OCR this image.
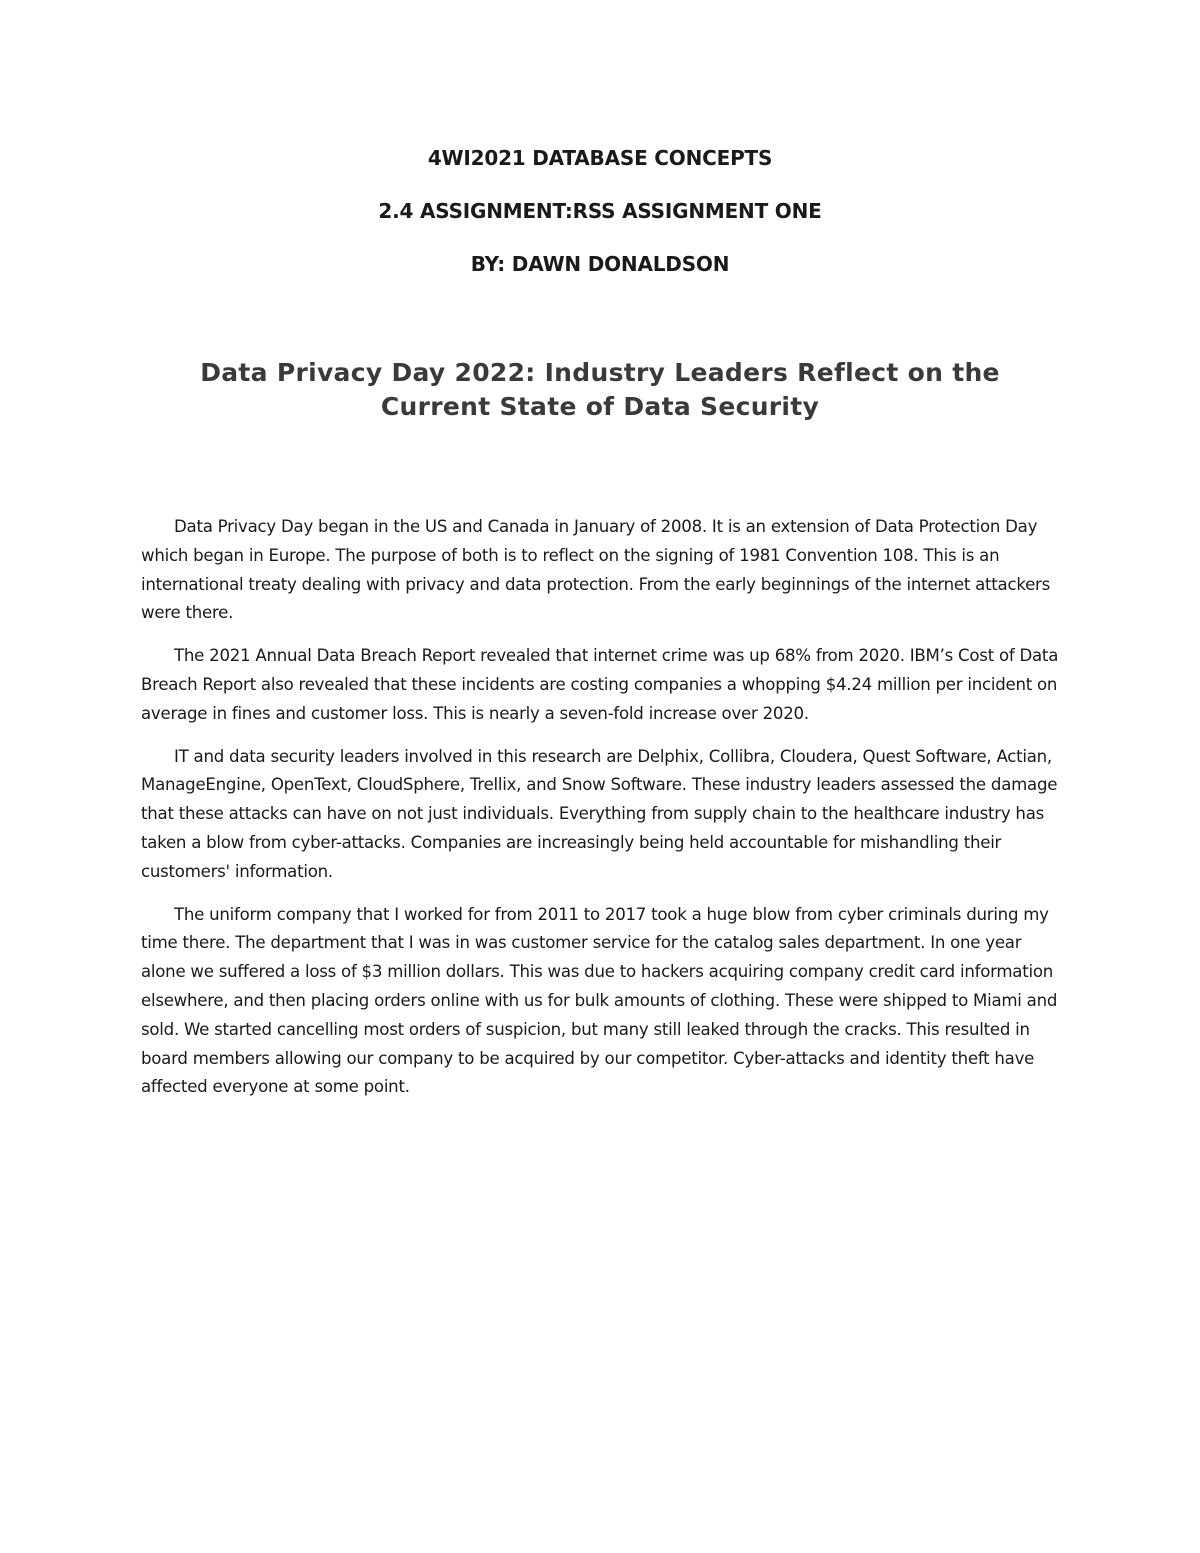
4WI2021 DATABASE CONCEPTS
2.4 ASSIGNMENT:RSS ASSIGNMENT ONE
BY: DAWN DONALDSON
Data Privacy Day 2022: Industry Leaders Reflect on the Current State of Data Security

Data Privacy Day began in the US and Canada in January of 2008. It is an extension of Data Protection Day which began in Europe. The purpose of both is to reflect on the signing of 1981 Convention 108. This is an international treaty dealing with privacy and data protection. From the early beginnings of the internet attackers were there.

The 2021 Annual Data Breach Report revealed that internet crime was up 68% from 2020. IBM’s Cost of Data Breach Report also revealed that these incidents are costing companies a whopping $4.24 million per incident on average in fines and customer loss. This is nearly a seven-fold increase over 2020.

IT and data security leaders involved in this research are Delphix, Collibra, Cloudera, Quest Software, Actian, ManageEngine, OpenText, CloudSphere, Trellix, and Snow Software. These industry leaders assessed the damage that these attacks can have on not just individuals. Everything from supply chain to the healthcare industry has taken a blow from cyber-attacks. Companies are increasingly being held accountable for mishandling their customers' information.

The uniform company that I worked for from 2011 to 2017 took a huge blow from cyber criminals during my time there. The department that I was in was customer service for the catalog sales department. In one year alone we suffered a loss of $3 million dollars. This was due to hackers acquiring company credit card information elsewhere, and then placing orders online with us for bulk amounts of clothing. These were shipped to Miami and sold. We started cancelling most orders of suspicion, but many still leaked through the cracks. This resulted in board members allowing our company to be acquired by our competitor. Cyber-attacks and identity theft have affected everyone at some point.
